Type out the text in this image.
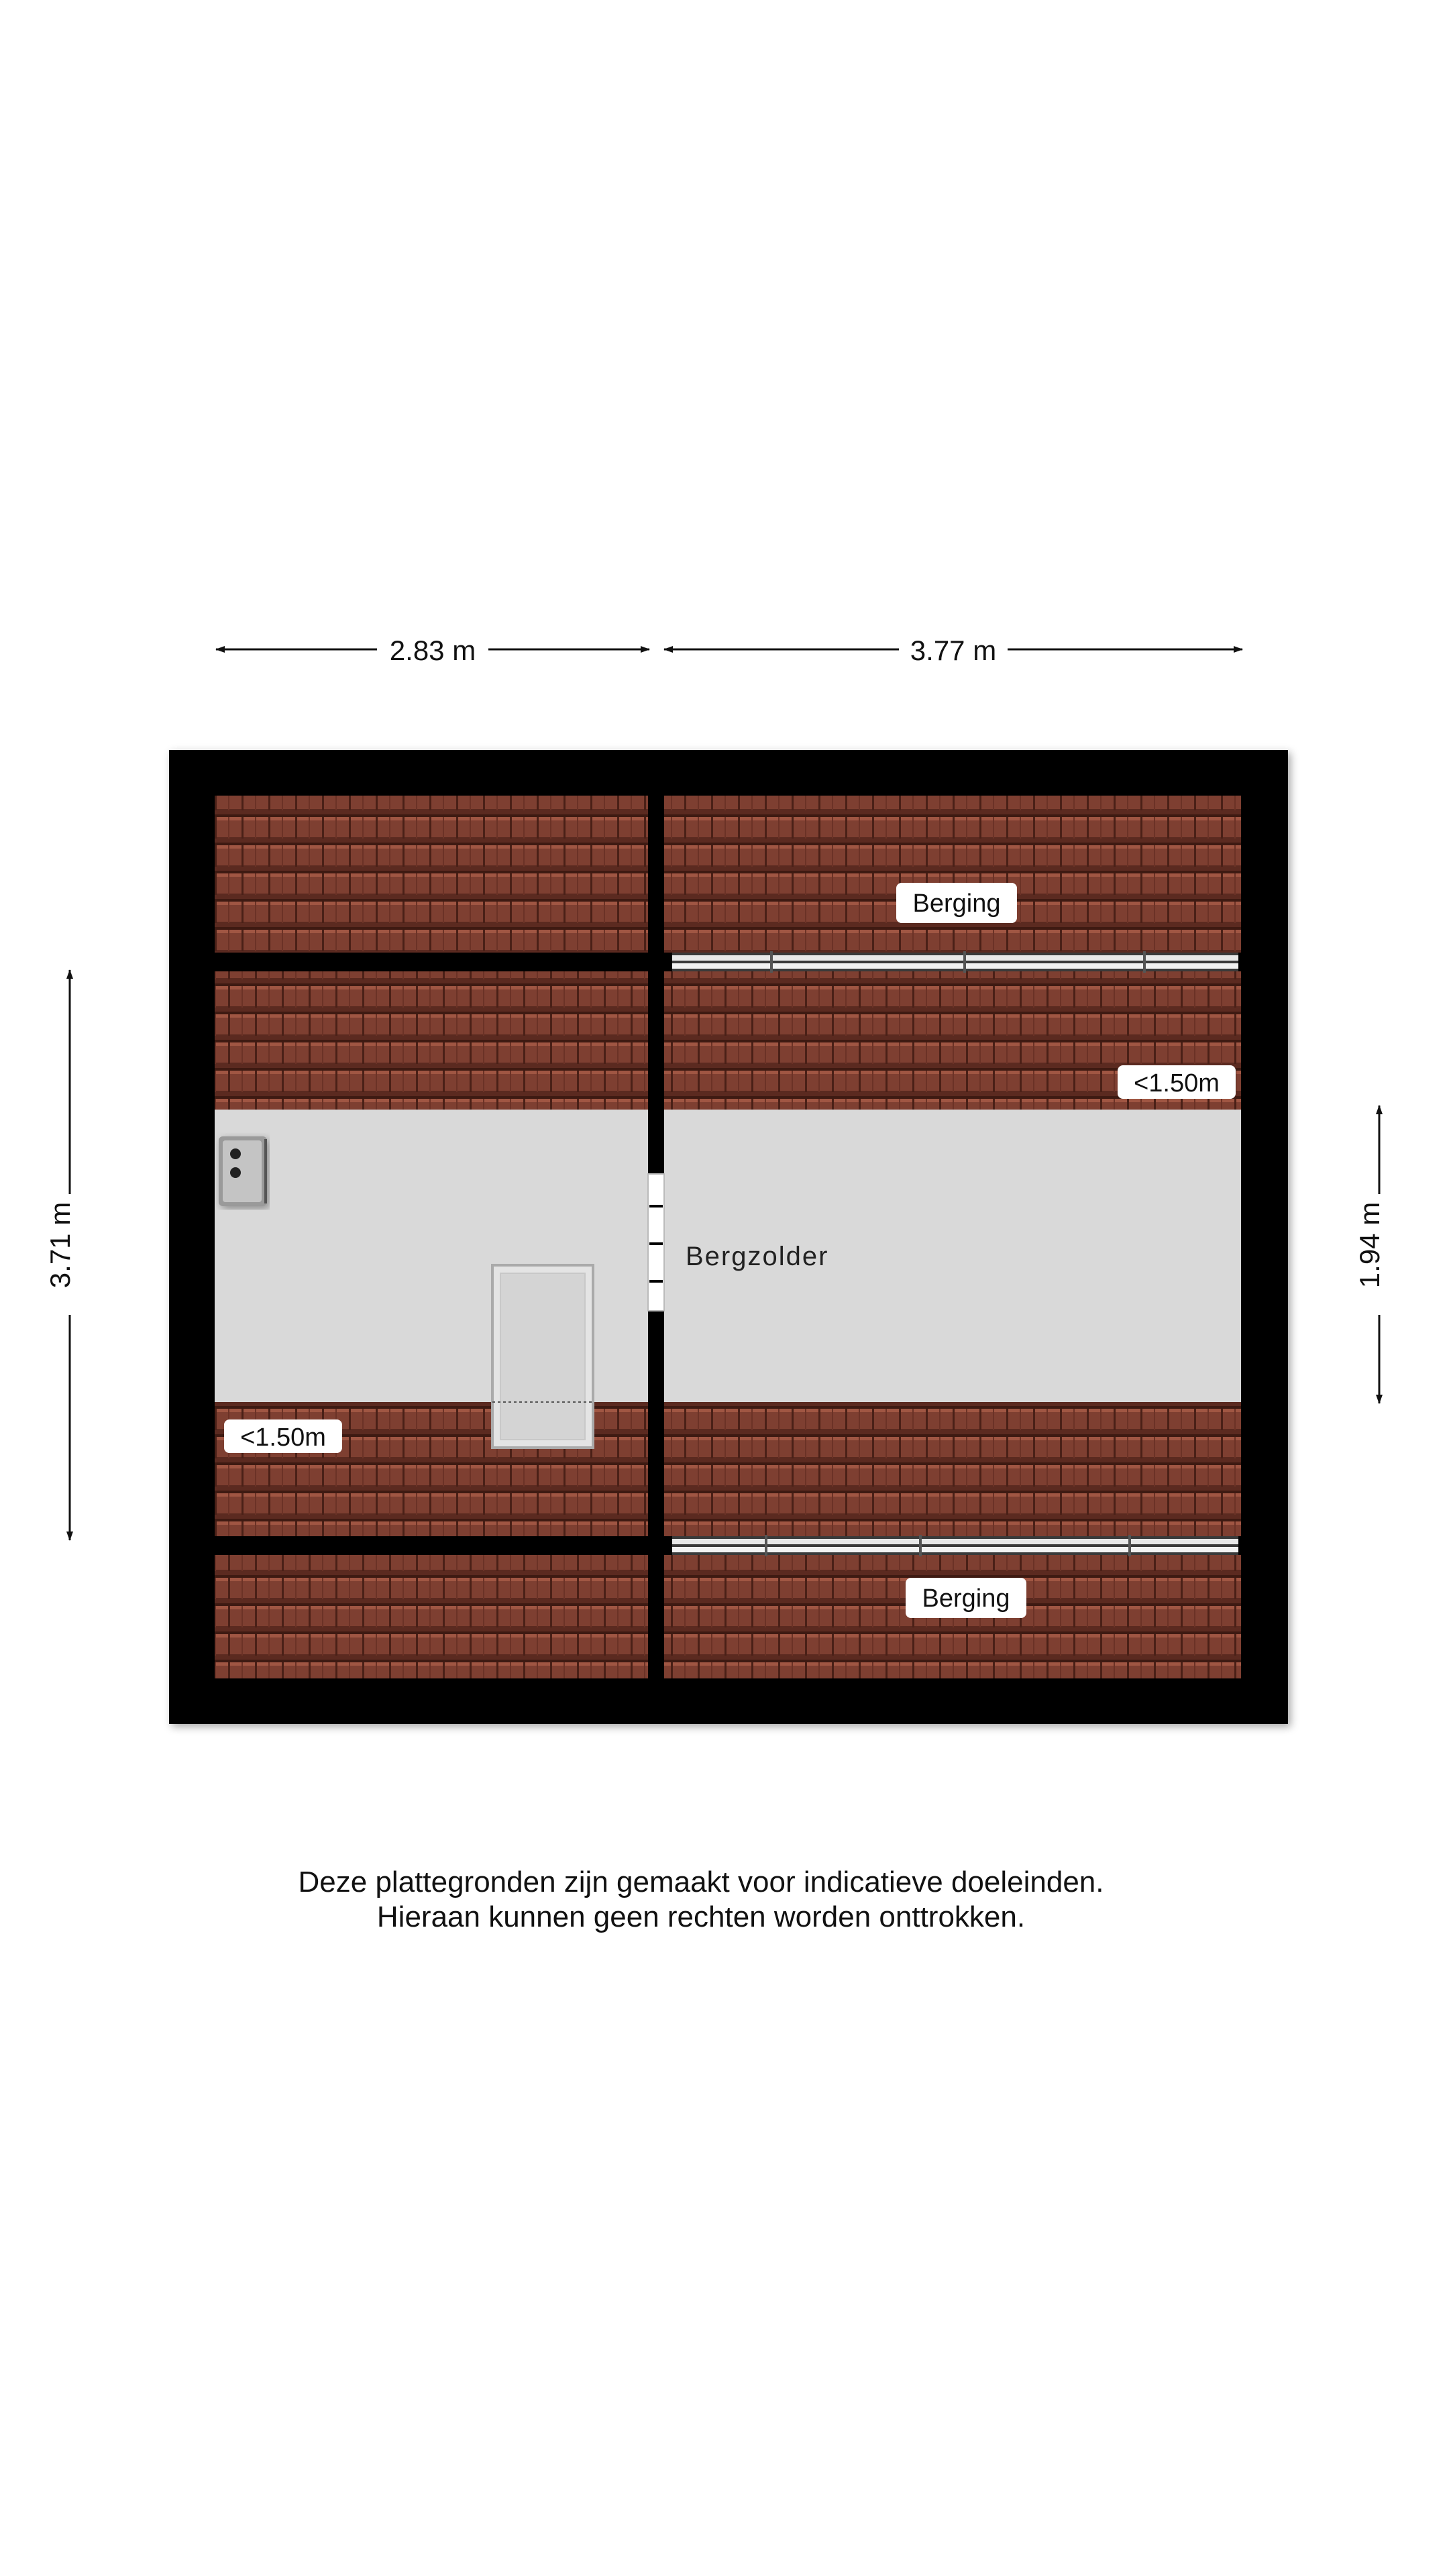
2.83 m	3.77 m
3.71 m	1.94 m
Berging
<1.50m
<1.50m
Berging
Bergzolder
Deze plattegronden zijn gemaakt voor indicatieve doeleinden.
Hieraan kunnen geen rechten worden onttrokken.
